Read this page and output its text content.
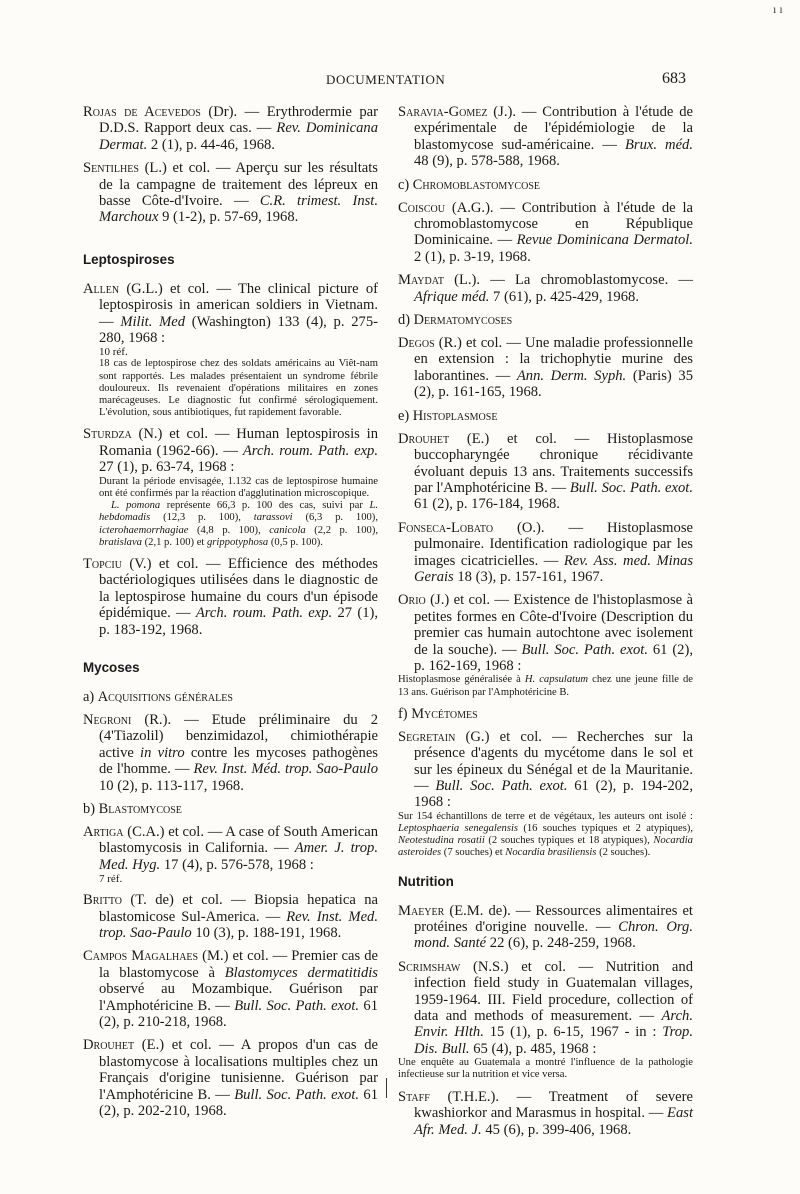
DOCUMENTATION	683
ı ı
Rojas de Acevedos (Dr). — Erythrodermie par D.D.S. Rapport deux cas. — Rev. Dominicana Dermat. 2 (1), p. 44-46, 1968.
Sentilhes (L.) et col. — Aperçu sur les résultats de la campagne de traitement des lépreux en basse Côte-d'Ivoire. — C.R. trimest. Inst. Marchoux 9 (1-2), p. 57-69, 1968.
Leptospiroses
Allen (G.L.) et col. — The clinical picture of leptospirosis in american soldiers in Vietnam. — Milit. Med (Washington) 133 (4), p. 275-280, 1968 :
10 réf.
18 cas de leptospirose chez des soldats américains au Viêt-nam sont rapportés. Les malades présentaient un syndrome fébrile douloureux. Ils revenaient d'opérations militaires en zones marécageuses. Le diagnostic fut confirmé sérologiquement. L'évolution, sous antibiotiques, fut rapidement favorable.
Sturdza (N.) et col. — Human leptospirosis in Romania (1962-66). — Arch. roum. Path. exp. 27 (1), p. 63-74, 1968 :
Durant la période envisagée, 1.132 cas de leptospirose humaine ont été confirmés par la réaction d'agglutination microscopique.
L. pomona représente 66,3 p. 100 des cas, suivi par L. hebdomadis (12,3 p. 100), tarassovi (6,3 p. 100), icterohaemorrhagiae (4,8 p. 100), canicola (2,2 p. 100), bratislava (2,1 p. 100) et grippotyphosa (0,5 p. 100).
Topciu (V.) et col. — Efficience des méthodes bactériologiques utilisées dans le diagnostic de la leptospirose humaine du cours d'un épisode épidémique. — Arch. roum. Path. exp. 27 (1), p. 183-192, 1968.
Mycoses
a) Acquisitions générales
Negroni (R.). — Etude préliminaire du 2 (4'Tiazolil) benzimidazol, chimiothérapie active in vitro contre les mycoses pathogènes de l'homme. — Rev. Inst. Méd. trop. Sao-Paulo 10 (2), p. 113-117, 1968.
b) Blastomycose
Artiga (C.A.) et col. — A case of South American blastomycosis in California. — Amer. J. trop. Med. Hyg. 17 (4), p. 576-578, 1968 :
7 réf.
Britto (T. de) et col. — Biopsia hepatica na blastomicose Sul-America. — Rev. Inst. Med. trop. Sao-Paulo 10 (3), p. 188-191, 1968.
Campos Magalhaes (M.) et col. — Premier cas de la blastomycose à Blastomyces dermatitidis observé au Mozambique. Guérison par l'Amphotéricine B. — Bull. Soc. Path. exot. 61 (2), p. 210-218, 1968.
Drouhet (E.) et col. — A propos d'un cas de blastomycose à localisations multiples chez un Français d'origine tunisienne. Guérison par l'Amphotéricine B. — Bull. Soc. Path. exot. 61 (2), p. 202-210, 1968.
Saravia-Gomez (J.). — Contribution à l'étude de expérimentale de l'épidémiologie de la blastomycose sud-américaine. — Brux. méd. 48 (9), p. 578-588, 1968.
c) Chromoblastomycose
Coiscou (A.G.). — Contribution à l'étude de la chromoblastomycose en République Dominicaine. — Revue Dominicana Dermatol. 2 (1), p. 3-19, 1968.
Maydat (L.). — La chromoblastomycose. — Afrique méd. 7 (61), p. 425-429, 1968.
d) Dermatomycoses
Degos (R.) et col. — Une maladie professionnelle en extension : la trichophytie murine des laborantines. — Ann. Derm. Syph. (Paris) 35 (2), p. 161-165, 1968.
e) Histoplasmose
Drouhet (E.) et col. — Histoplasmose buccopharyngée chronique récidivante évoluant depuis 13 ans. Traitements successifs par l'Amphotéricine B. — Bull. Soc. Path. exot. 61 (2), p. 176-184, 1968.
Fonseca-Lobato (O.). — Histoplasmose pulmonaire. Identification radiologique par les images cicatricielles. — Rev. Ass. med. Minas Gerais 18 (3), p. 157-161, 1967.
Orio (J.) et col. — Existence de l'histoplasmose à petites formes en Côte-d'Ivoire (Description du premier cas humain autochtone avec isolement de la souche). — Bull. Soc. Path. exot. 61 (2), p. 162-169, 1968 :
Histoplasmose généralisée à H. capsulatum chez une jeune fille de 13 ans. Guérison par l'Amphotéricine B.
f) Mycétomes
Segretain (G.) et col. — Recherches sur la présence d'agents du mycétome dans le sol et sur les épineux du Sénégal et de la Mauritanie. — Bull. Soc. Path. exot. 61 (2), p. 194-202, 1968 :
Sur 154 échantillons de terre et de végétaux, les auteurs ont isolé : Leptosphaeria senegalensis (16 souches typiques et 2 atypiques), Neotestudina rosatii (2 souches typiques et 18 atypiques), Nocardia asteroides (7 souches) et Nocardia brasiliensis (2 souches).
Nutrition
Maeyer (E.M. de). — Ressources alimentaires et protéines d'origine nouvelle. — Chron. Org. mond. Santé 22 (6), p. 248-259, 1968.
Scrimshaw (N.S.) et col. — Nutrition and infection field study in Guatemalan villages, 1959-1964. III. Field procedure, collection of data and methods of measurement. — Arch. Envir. Hlth. 15 (1), p. 6-15, 1967 - in : Trop. Dis. Bull. 65 (4), p. 485, 1968 :
Une enquête au Guatemala a montré l'influence de la pathologie infectieuse sur la nutrition et vice versa.
Staff (T.H.E.). — Treatment of severe kwashiorkor and Marasmus in hospital. — East Afr. Med. J. 45 (6), p. 399-406, 1968.
